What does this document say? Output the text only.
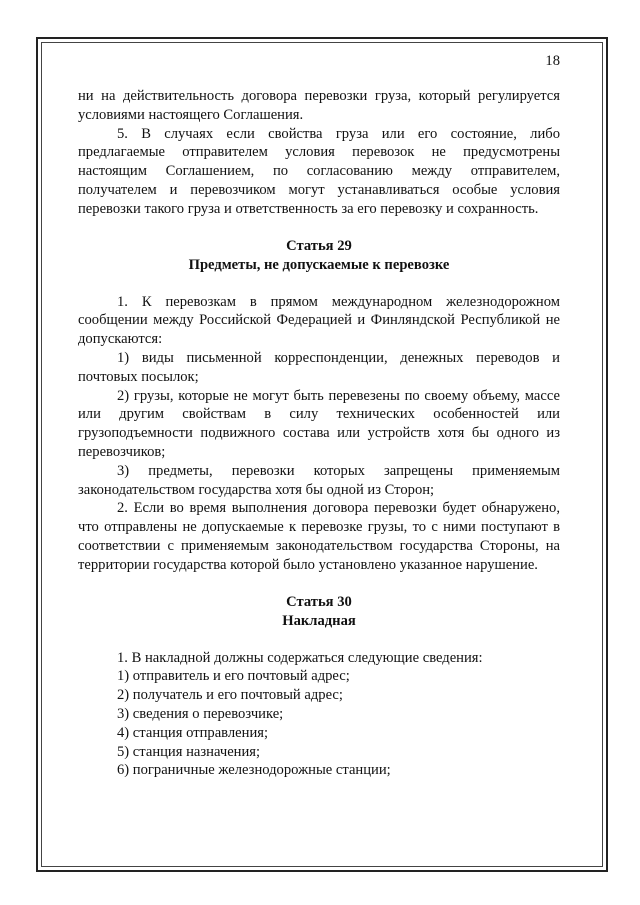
18

ни на действительность договора перевозки груза, который регулируется условиями настоящего Соглашения.

5. В случаях если свойства груза или его состояние, либо предлагаемые отправителем условия перевозок не предусмотрены настоящим Соглашением, по согласованию между отправителем, получателем и перевозчиком могут устанавливаться особые условия перевозки такого груза и ответственность за его перевозку и сохранность.

Статья 29
Предметы, не допускаемые к перевозке

1. К перевозкам в прямом международном железнодорожном сообщении между Российской Федерацией и Финляндской Республикой не допускаются:

1) виды письменной корреспонденции, денежных переводов и почтовых посылок;

2) грузы, которые не могут быть перевезены по своему объему, массе или другим свойствам в силу технических особенностей или грузоподъемности подвижного состава или устройств хотя бы одного из перевозчиков;

3) предметы, перевозки которых запрещены применяемым законодательством государства хотя бы одной из Сторон;

2. Если во время выполнения договора перевозки будет обнаружено, что отправлены не допускаемые к перевозке грузы, то с ними поступают в соответствии с применяемым законодательством государства Стороны, на территории государства которой было установлено указанное нарушение.

Статья 30
Накладная

1. В накладной должны содержаться следующие сведения:

1) отправитель и его почтовый адрес;

2) получатель и его почтовый адрес;

3) сведения о перевозчике;

4) станция отправления;

5) станция назначения;

6) пограничные железнодорожные станции;
